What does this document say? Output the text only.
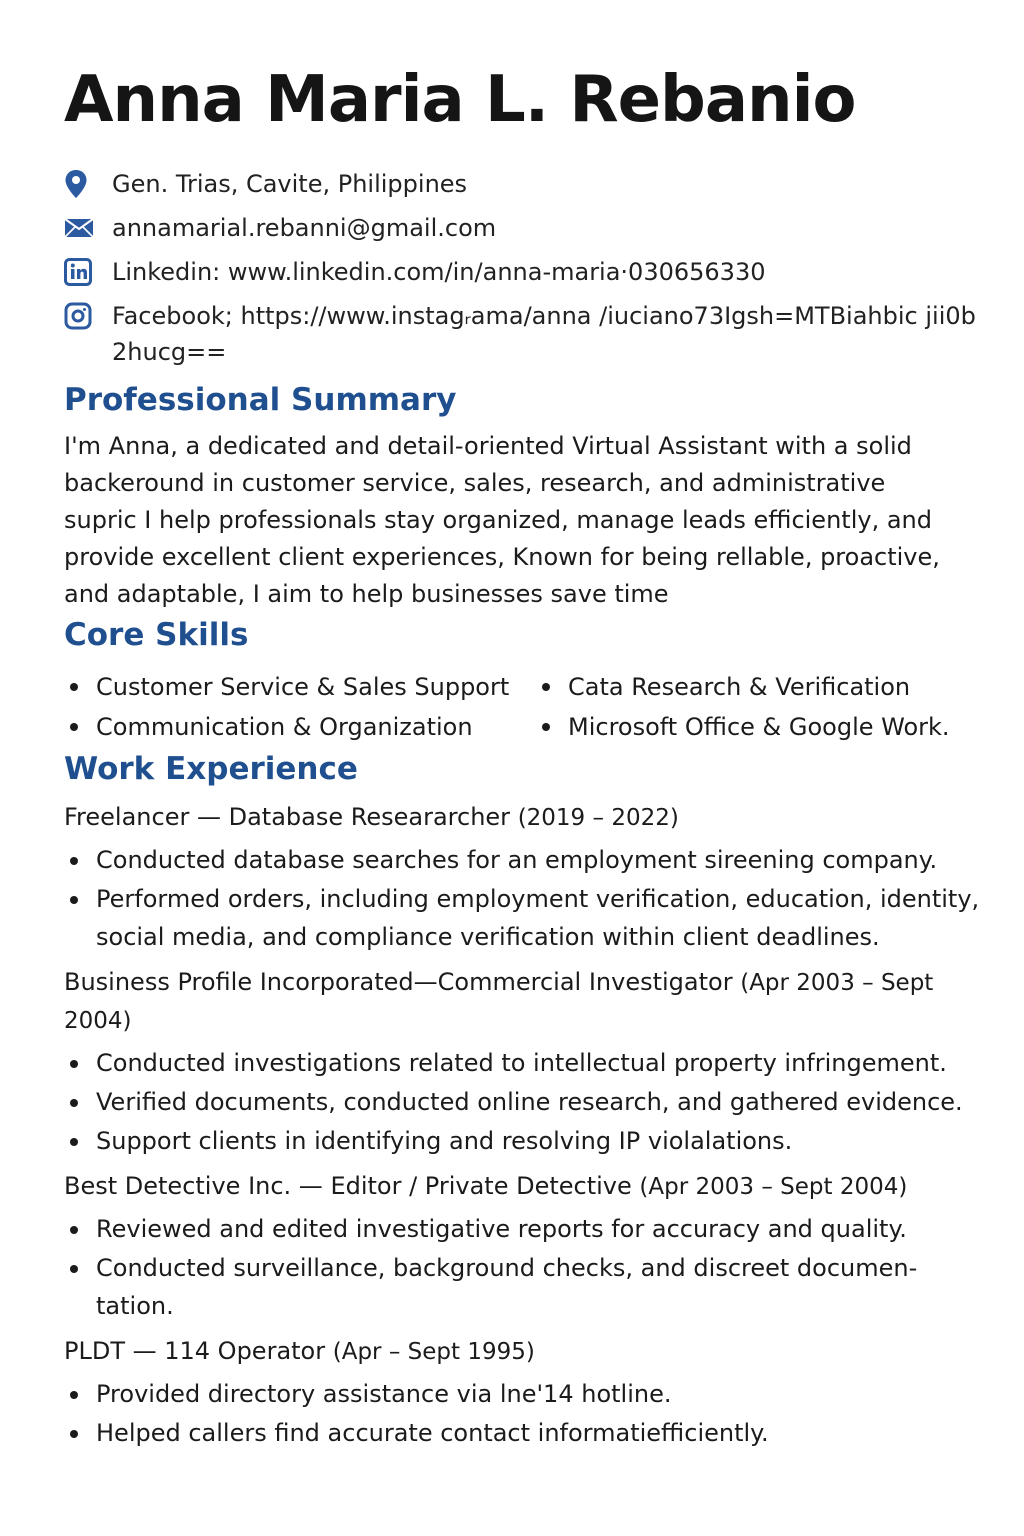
Anna Maria L. Rebanio
Gen. Trias, Cavite, Philippines
annamarial.rebanni@gmail.com
Linkedin: www.linkedin.com/in/anna-maria·030656330
Facebook; https://www.instagᵣama/anna /iuciano73Igsh=MTBiahbic jii0b2hucg==
Professional Summary

I'm Anna, a dedicated and detail-oriented Virtual Assistant with a solid backeround in customer service, sales, research, and administrative supric I help professionals stay organized, manage leads efficiently, and provide excellent client experiences, Known for being rellable, proactive, and adaptable, I aim to help businesses save time

Core Skills
Customer Service & Sales Support Cata Research & Verification
Communication & Organization	Microsoft Office & Google Work.
Work Experience
Freelancer — Database Researarcher (2019 – 2022)
Conducted database searches for an employment sireening company.
Performed orders, including employment verification, education, identity, social media, and compliance verification within client deadlines.
Business Profile Incorporated—Commercial Investigator (Apr 2003 – Sept 2004)
Conducted investigations related to intellectual property infringement.
Verified documents, conducted online research, and gathered evidence.
Support clients in identifying and resolving IP violalations.
Best Detective Inc. — Editor / Private Detective (Apr 2003 – Sept 2004)
Reviewed and edited investigative reports for accuracy and quality.
Conducted surveillance, background checks, and discreet documen-tation.
PLDT — 114 Operator (Apr – Sept 1995)
Provided directory assistance via lne'14 hotline.
Helped callers find accurate contact informatiefficiently.
